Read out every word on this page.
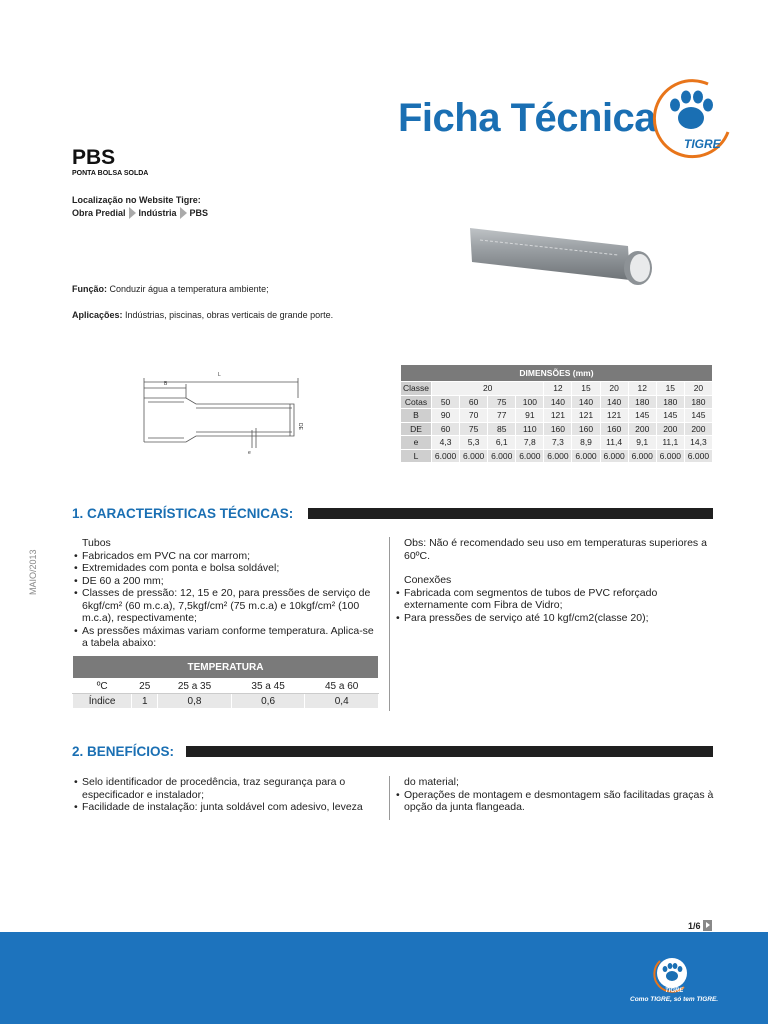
Ficha Técnica
TIGRE
PBS
PONTA BOLSA SOLDA
Localização no Website Tigre:
Obra Predial Indústria PBS
Função: Conduzir água a temperatura ambiente;
Aplicações: Indústrias, piscinas, obras verticais de grande porte.
L
B
DE
e
DIMENSÕES (mm)										
Classe	20				12	15	20	12	15	20
Cotas	50	60	75	100	140	140	140	180	180	180
B	90	70	77	91	121	121	121	145	145	145
DE	60	75	85	110	160	160	160	200	200	200
e	4,3	5,3	6,1	7,8	7,3	8,9	11,4	9,1	11,1	14,3
L	6.000	6.000	6.000	6.000	6.000	6.000	6.000	6.000	6.000	6.000
1. CARACTERÍSTICAS TÉCNICAS:
MAIO/2013
Tubos
• Fabricados em PVC na cor marrom;
• Extremidades com ponta e bolsa soldável;
• DE 60 a 200 mm;
• Classes de pressão: 12, 15 e 20, para pressões de serviço de 6kgf/cm² (60 m.c.a), 7,5kgf/cm² (75 m.c.a) e 10kgf/cm² (100 m.c.a), respectivamente;
• As pressões máximas variam conforme temperatura. Aplica-se a tabela abaixo:
Obs: Não é recomendado seu uso em temperaturas superiores a 60ºC.
Conexões
• Fabricada com segmentos de tubos de PVC reforçado externamente com Fibra de Vidro;
• Para pressões de serviço até 10 kgf/cm2(classe 20);
TEMPERATURA				
ºC	25	25 a 35	35 a 45	45 a 60
Índice	1	0,8	0,6	0,4
2. BENEFÍCIOS:
• Selo identificador de procedência, traz segurança para o especificador e instalador;
• Facilidade de instalação: junta soldável com adesivo, leveza
do material;
• Operações de montagem e desmontagem são facilitadas graças à opção da junta flangeada.
1/6
TIGRE
Como TIGRE, só tem TIGRE.
